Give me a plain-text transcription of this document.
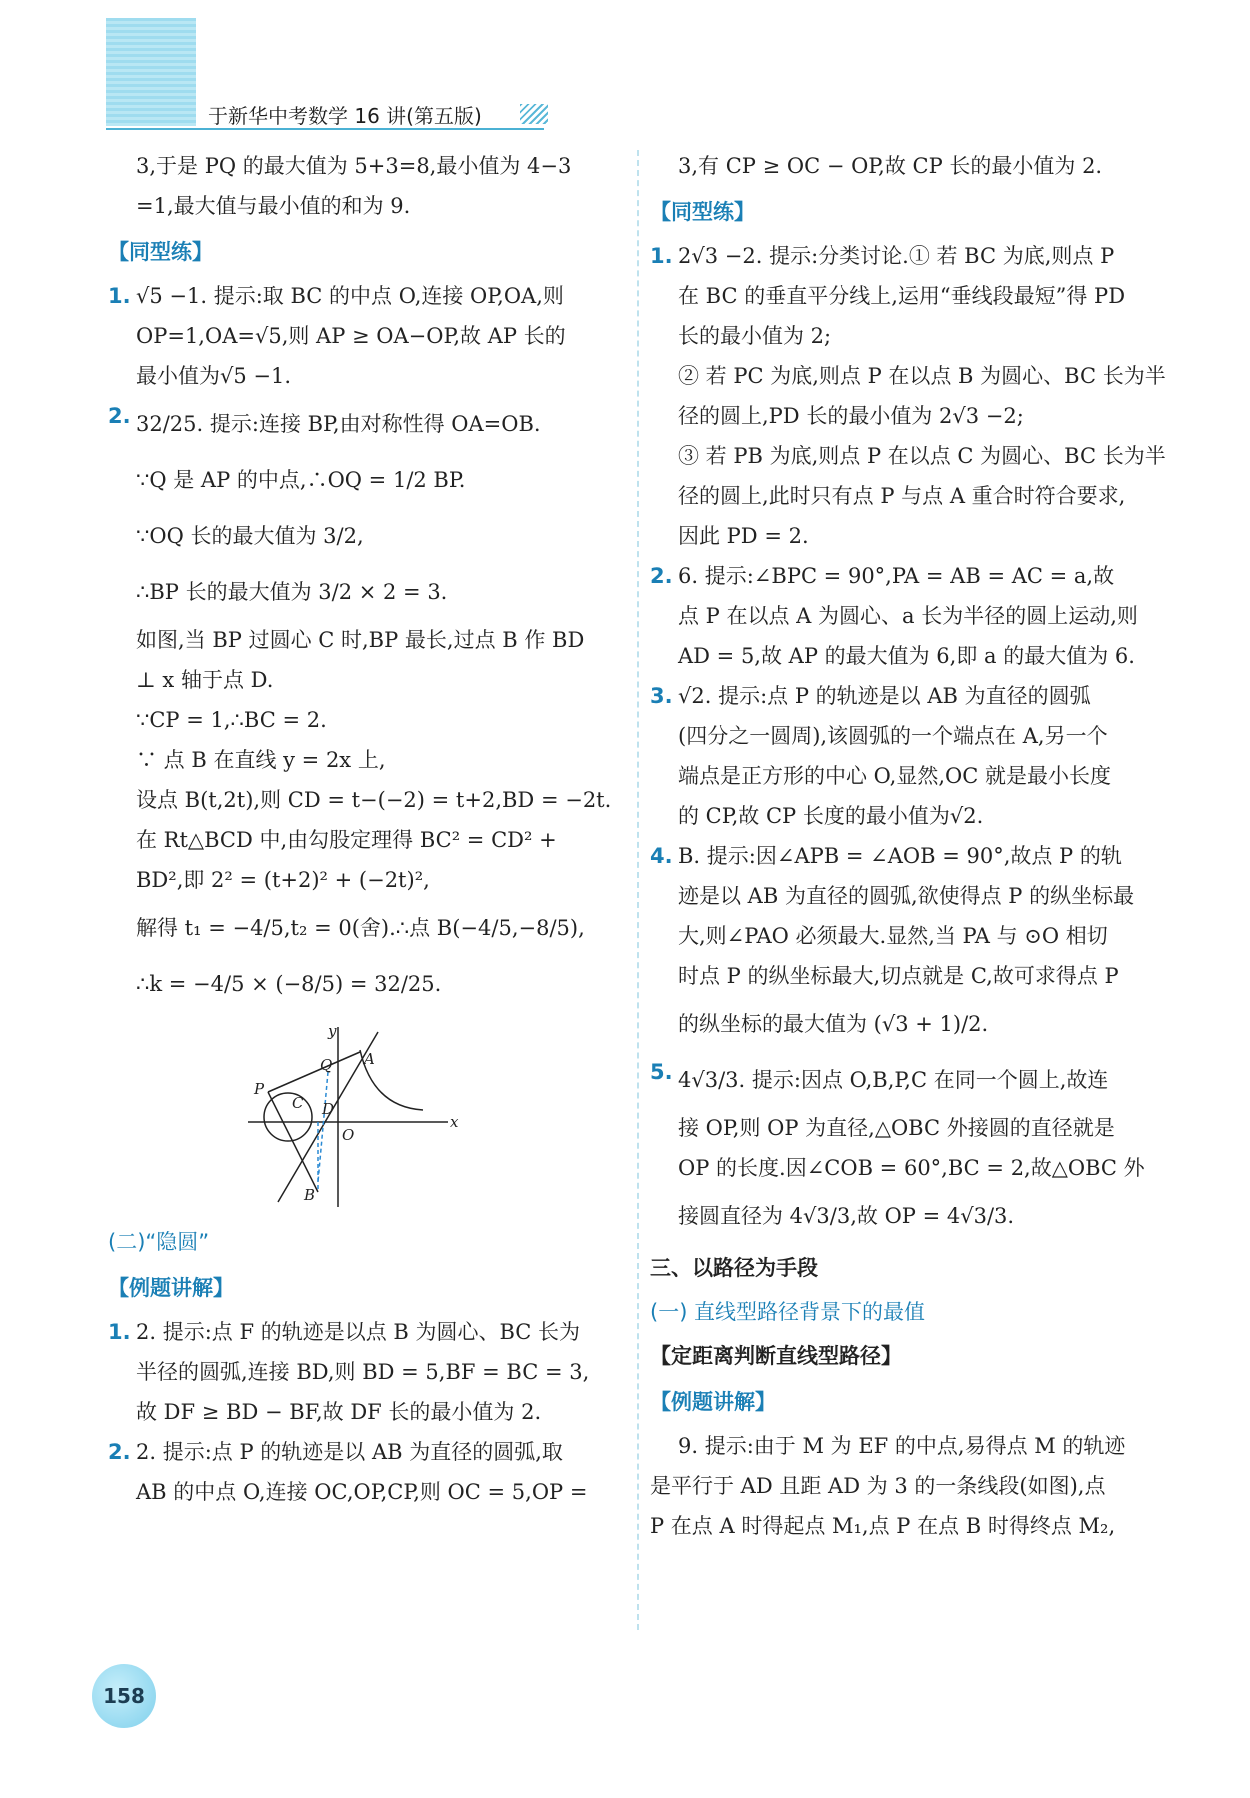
于新华中考数学 16 讲(第五版)

3,于是 PQ 的最大值为 5+3=8,最小值为 4−3

=1,最大值与最小值的和为 9.

【同型练】
1. √5 −1. 提示:取 BC 的中点 O,连接 OP,OA,则

OP=1,OA=√5,则 AP ≥ OA−OP,故 AP 长的

最小值为√5 −1.

2. 32/25. 提示:连接 BP,由对称性得 OA=OB.

∵Q 是 AP 的中点,∴OQ = 1/2 BP.

∵OQ 长的最大值为 3/2,

∴BP 长的最大值为 3/2 × 2 = 3.

如图,当 BP 过圆心 C 时,BP 最长,过点 B 作 BD

⊥ x 轴于点 D.

∵CP = 1,∴BC = 2.

∵ 点 B 在直线 y = 2x 上,

设点 B(t,2t),则 CD = t−(−2) = t+2,BD = −2t.

在 Rt△BCD 中,由勾股定理得 BC² = CD² +

BD²,即 2² = (t+2)² + (−2t)²,

解得 t₁ = −4/5,t₂ = 0(舍).∴点 B(−4/5,−8/5),

∴k = −4/5 × (−8/5) = 32/25.

y
x
O
A
Q
P
C D
B
(二)“隐圆”
【例题讲解】
1. 2. 提示:点 F 的轨迹是以点 B 为圆心、BC 长为

半径的圆弧,连接 BD,则 BD = 5,BF = BC = 3,

故 DF ≥ BD − BF,故 DF 长的最小值为 2.

2. 2. 提示:点 P 的轨迹是以 AB 为直径的圆弧,取

AB 的中点 O,连接 OC,OP,CP,则 OC = 5,OP =

3,有 CP ≥ OC − OP,故 CP 长的最小值为 2.

【同型练】
1. 2√3 −2. 提示:分类讨论.① 若 BC 为底,则点 P

在 BC 的垂直平分线上,运用“垂线段最短”得 PD

长的最小值为 2;

② 若 PC 为底,则点 P 在以点 B 为圆心、BC 长为半

径的圆上,PD 长的最小值为 2√3 −2;

③ 若 PB 为底,则点 P 在以点 C 为圆心、BC 长为半

径的圆上,此时只有点 P 与点 A 重合时符合要求,

因此 PD = 2.

2. 6. 提示:∠BPC = 90°,PA = AB = AC = a,故

点 P 在以点 A 为圆心、a 长为半径的圆上运动,则

AD = 5,故 AP 的最大值为 6,即 a 的最大值为 6.

3. √2. 提示:点 P 的轨迹是以 AB 为直径的圆弧

(四分之一圆周),该圆弧的一个端点在 A,另一个

端点是正方形的中心 O,显然,OC 就是最小长度

的 CP,故 CP 长度的最小值为√2.

4. B. 提示:因∠APB = ∠AOB = 90°,故点 P 的轨

迹是以 AB 为直径的圆弧,欲使得点 P 的纵坐标最

大,则∠PAO 必须最大.显然,当 PA 与 ⊙O 相切

时点 P 的纵坐标最大,切点就是 C,故可求得点 P

的纵坐标的最大值为 (√3 + 1)/2.

5. 4√3/3. 提示:因点 O,B,P,C 在同一个圆上,故连

接 OP,则 OP 为直径,△OBC 外接圆的直径就是

OP 的长度.因∠COB = 60°,BC = 2,故△OBC 外

接圆直径为 4√3/3,故 OP = 4√3/3.

三、以路径为手段
(一) 直线型路径背景下的最值
【定距离判断直线型路径】
【例题讲解】

9. 提示:由于 M 为 EF 的中点,易得点 M 的轨迹

是平行于 AD 且距 AD 为 3 的一条线段(如图),点

P 在点 A 时得起点 M₁,点 P 在点 B 时得终点 M₂,

158
